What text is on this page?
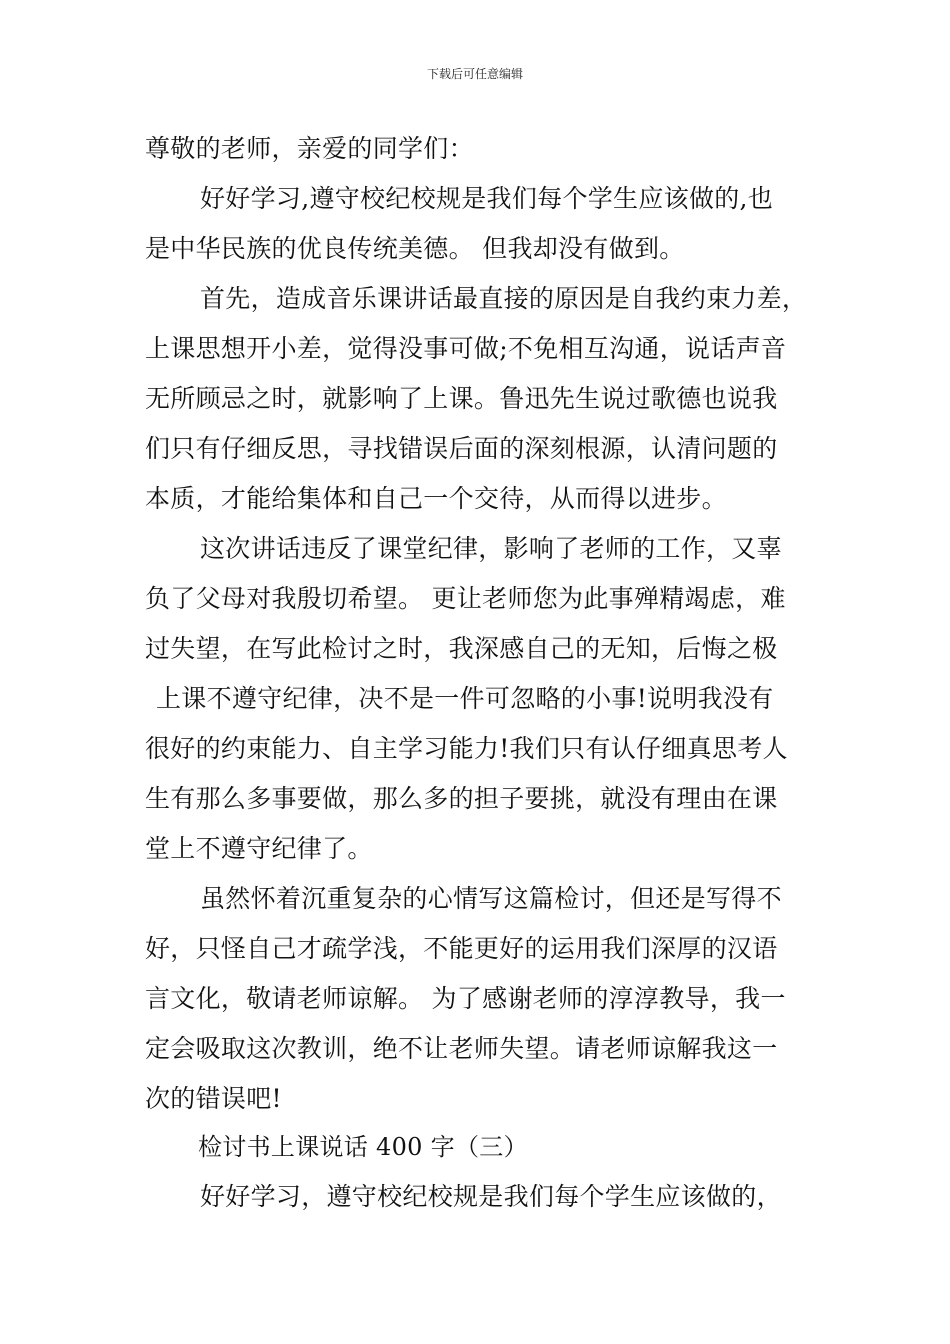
下载后可任意编辑
尊敬的老师，亲爱的同学们：
好好学习,遵守校纪校规是我们每个学生应该做的,也
是中华民族的优良传统美德。 但我却没有做到。
首先，造成音乐课讲话最直接的原因是自我约束力差，
上课思想开小差，觉得没事可做;不免相互沟通，说话声音
无所顾忌之时，就影响了上课。鲁迅先生说过歌德也说我
们只有仔细反思，寻找错误后面的深刻根源，认清问题的
本质，才能给集体和自己一个交待，从而得以进步。
这次讲话违反了课堂纪律，影响了老师的工作，又辜
负了父母对我殷切希望。 更让老师您为此事殚精竭虑，难
过失望，在写此检讨之时，我深感自己的无知，后悔之极
上课不遵守纪律，决不是一件可忽略的小事!说明我没有
很好的约束能力、自主学习能力!我们只有认仔细真思考人
生有那么多事要做，那么多的担子要挑，就没有理由在课
堂上不遵守纪律了。
虽然怀着沉重复杂的心情写这篇检讨，但还是写得不
好，只怪自己才疏学浅，不能更好的运用我们深厚的汉语
言文化，敬请老师谅解。 为了感谢老师的淳淳教导，我一
定会吸取这次教训，绝不让老师失望。请老师谅解我这一
次的错误吧!
检讨书上课说话 400 字（三）
好好学习，遵守校纪校规是我们每个学生应该做的，
